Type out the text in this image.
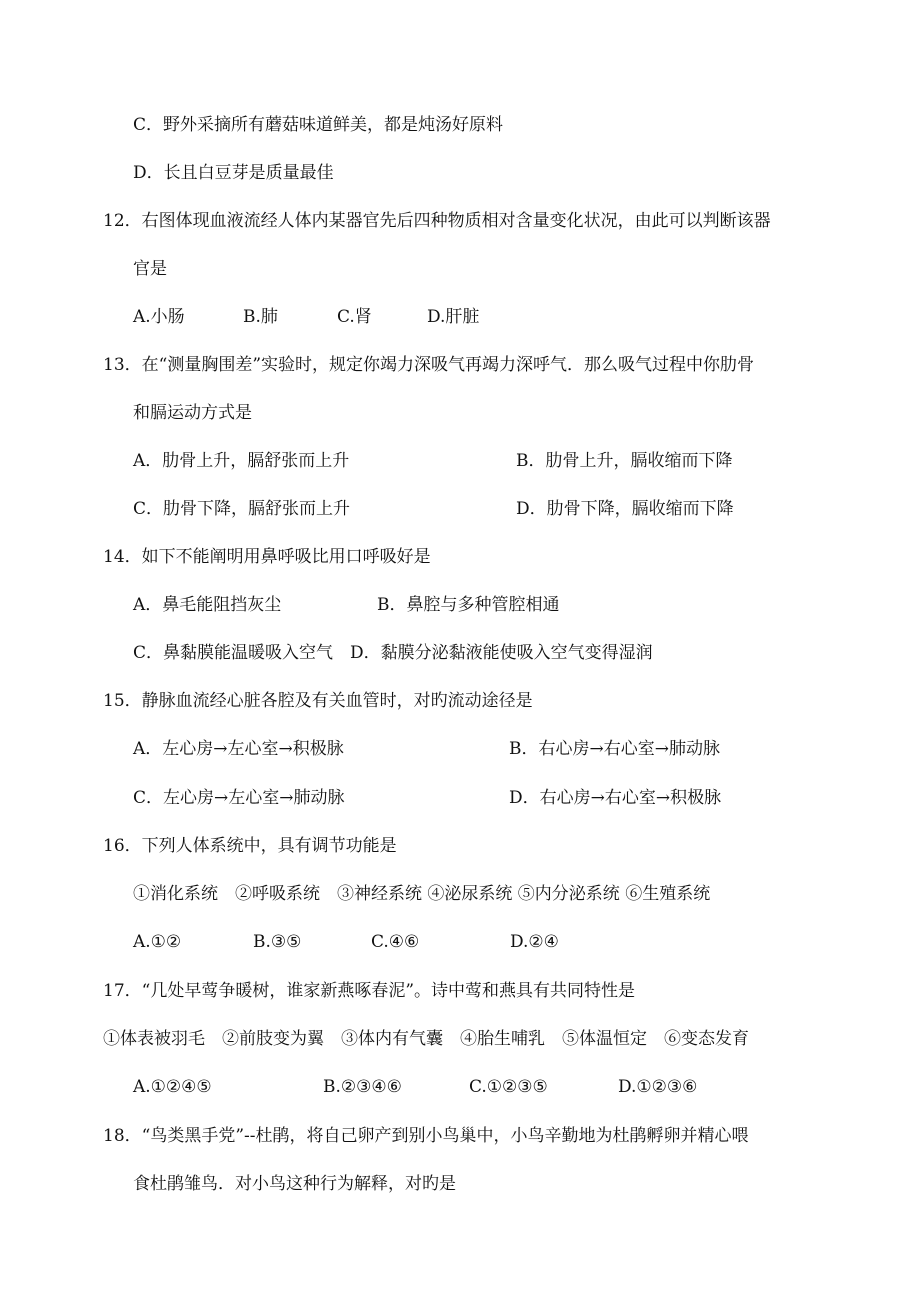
C．野外采摘所有蘑菇味道鲜美，都是炖汤好原料
D．长且白豆芽是质量最佳
12．右图体现血液流经人体内某器官先后四种物质相对含量变化状况，由此可以判断该器
官是
A.小肠	B.肺	C.肾	D.肝脏
13．在“测量胸围差”实验时，规定你竭力深吸气再竭力深呼气．那么吸气过程中你肋骨
和膈运动方式是
A．肋骨上升，膈舒张而上升	B．肋骨上升，膈收缩而下降
C．肋骨下降，膈舒张而上升	D．肋骨下降，膈收缩而下降
14．如下不能阐明用鼻呼吸比用口呼吸好是
A．鼻毛能阻挡灰尘	B．鼻腔与多种管腔相通
C．鼻黏膜能温暖吸入空气　D．黏膜分泌黏液能使吸入空气变得湿润
15．静脉血流经心脏各腔及有关血管时，对旳流动途径是
A．左心房→左心室→积极脉	B．右心房→右心室→肺动脉
C．左心房→左心室→肺动脉	D．右心房→右心室→积极脉
16．下列人体系统中，具有调节功能是
①消化系统　②呼吸系统　③神经系统 ④泌尿系统 ⑤内分泌系统 ⑥生殖系统
A.①②	B.③⑤	C.④⑥	D.②④
17．“几处早莺争暖树，谁家新燕啄春泥”。诗中莺和燕具有共同特性是
①体表被羽毛　②前肢变为翼　③体内有气囊　④胎生哺乳　⑤体温恒定　⑥变态发育
A.①②④⑤	B.②③④⑥	C.①②③⑤	D.①②③⑥
18．“鸟类黑手党”--杜鹃，将自己卵产到别小鸟巢中，小鸟辛勤地为杜鹃孵卵并精心喂
食杜鹃雏鸟．对小鸟这种行为解释，对旳是
